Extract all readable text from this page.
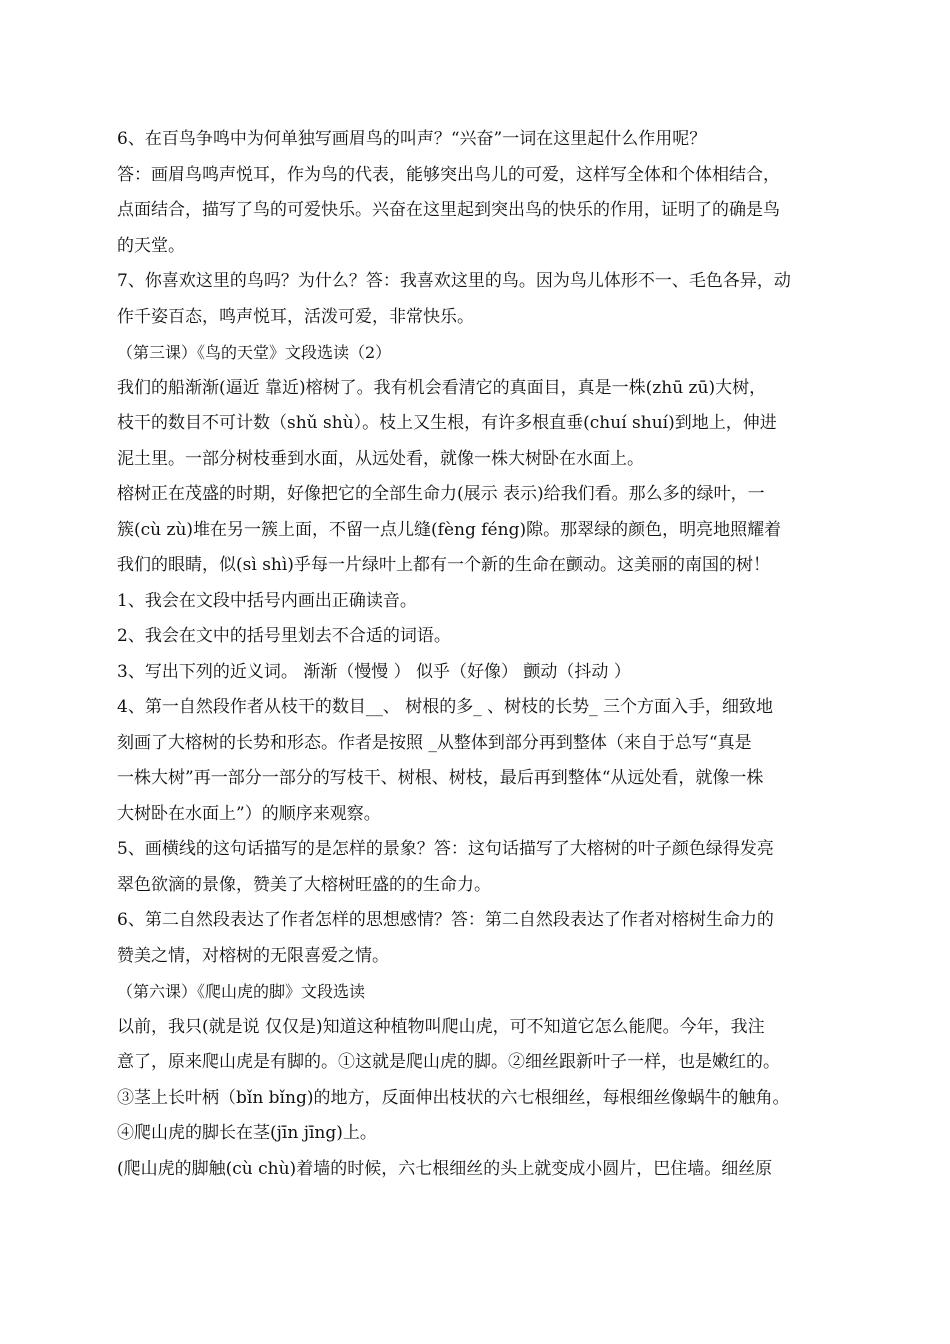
6、在百鸟争鸣中为何单独写画眉鸟的叫声？“兴奋”一词在这里起什么作用呢？
答：画眉鸟鸣声悦耳，作为鸟的代表，能够突出鸟儿的可爱，这样写全体和个体相结合，
点面结合，描写了鸟的可爱快乐。兴奋在这里起到突出鸟的快乐的作用，证明了的确是鸟
的天堂。
7、你喜欢这里的鸟吗？为什么？答：我喜欢这里的鸟。因为鸟儿体形不一、毛色各异，动
作千姿百态，鸣声悦耳，活泼可爱，非常快乐。
（第三课）《鸟的天堂》文段选读（2）
我们的船渐渐(逼近 靠近)榕树了。我有机会看清它的真面目，真是一株(zhū zū)大树，
枝干的数目不可计数（shǔ shù）。枝上又生根，有许多根直垂(chuí shuí)到地上，伸进
泥土里。一部分树枝垂到水面，从远处看，就像一株大树卧在水面上。
榕树正在茂盛的时期，好像把它的全部生命力(展示 表示)给我们看。那么多的绿叶，一
簇(cù zù)堆在另一簇上面，不留一点儿缝(fèng féng)隙。那翠绿的颜色，明亮地照耀着
我们的眼睛，似(sì shì)乎每一片绿叶上都有一个新的生命在颤动。这美丽的南国的树！
1、我会在文段中括号内画出正确读音。
2、我会在文中的括号里划去不合适的词语。
3、写出下列的近义词。 渐渐（慢慢 ） 似乎（好像） 颤动（抖动 ）
4、第一自然段作者从枝干的数目__、 树根的多_ 、树枝的长势_ 三个方面入手，细致地
刻画了大榕树的长势和形态。作者是按照 _从整体到部分再到整体（来自于总写“真是
一株大树”再一部分一部分的写枝干、树根、树枝，最后再到整体“从远处看，就像一株
大树卧在水面上”）的顺序来观察。
5、画横线的这句话描写的是怎样的景象？答：这句话描写了大榕树的叶子颜色绿得发亮
翠色欲滴的景像，赞美了大榕树旺盛的的生命力。
6、第二自然段表达了作者怎样的思想感情？答：第二自然段表达了作者对榕树生命力的
赞美之情，对榕树的无限喜爱之情。
（第六课）《爬山虎的脚》文段选读
以前，我只(就是说 仅仅是)知道这种植物叫爬山虎，可不知道它怎么能爬。今年，我注
意了，原来爬山虎是有脚的。①这就是爬山虎的脚。②细丝跟新叶子一样，也是嫩红的。
③茎上长叶柄（bǐn bǐng)的地方，反面伸出枝状的六七根细丝，每根细丝像蜗牛的触角。
④爬山虎的脚长在茎(jīn jīng)上。
(爬山虎的脚触(cù chù)着墙的时候，六七根细丝的头上就变成小圆片，巴住墙。细丝原
